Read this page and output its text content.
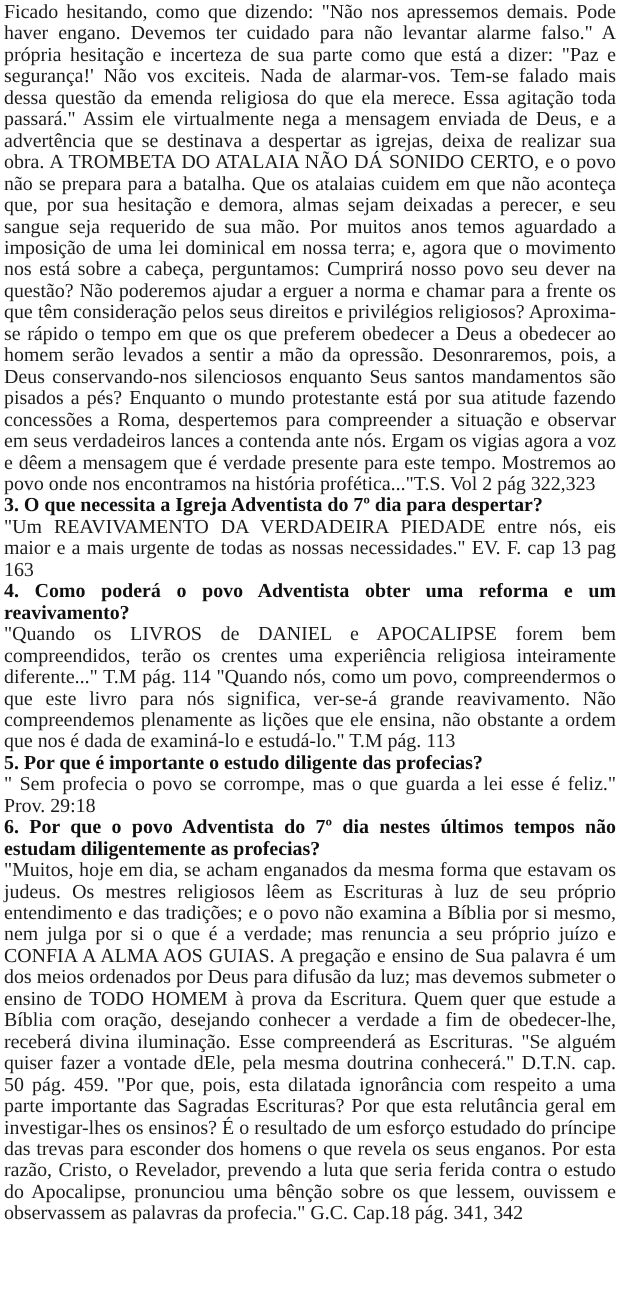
Ficado hesitando, como que dizendo: "Não nos apressemos demais. Pode haver engano. Devemos ter cuidado para não levantar alarme falso." A própria hesitação e incerteza de sua parte como que está a dizer: "Paz e segurança!' Não vos exciteis. Nada de alarmar-vos. Tem-se falado mais dessa questão da emenda religiosa do que ela merece. Essa agitação toda passará." Assim ele virtualmente nega a mensagem enviada de Deus, e a advertência que se destinava a despertar as igrejas, deixa de realizar sua obra. A TROMBETA DO ATALAIA NÃO DÁ SONIDO CERTO, e o povo não se prepara para a batalha. Que os atalaias cuidem em que não aconteça que, por sua hesitação e demora, almas sejam deixadas a perecer, e seu sangue seja requerido de sua mão. Por muitos anos temos aguardado a imposição de uma lei dominical em nossa terra; e, agora que o movimento nos está sobre a cabeça, perguntamos: Cumprirá nosso povo seu dever na questão? Não poderemos ajudar a erguer a norma e chamar para a frente os que têm consideração pelos seus direitos e privilégios religiosos? Aproxima-se rápido o tempo em que os que preferem obedecer a Deus a obedecer ao homem serão levados a sentir a mão da opressão. Desonraremos, pois, a Deus conservando-nos silenciosos enquanto Seus santos mandamentos são pisados a pés? Enquanto o mundo protestante está por sua atitude fazendo concessões a Roma, despertemos para compreender a situação e observar em seus verdadeiros lances a contenda ante nós. Ergam os vigias agora a voz e dêem a mensagem que é verdade presente para este tempo. Mostremos ao povo onde nos encontramos na história profética..."T.S. Vol 2 pág 322,323

3. O que necessita a Igreja Adventista do 7º dia para despertar?

"Um REAVIVAMENTO DA VERDADEIRA PIEDADE entre nós, eis maior e a mais urgente de todas as nossas necessidades." EV. F. cap 13 pag 163

4. Como poderá o povo Adventista obter uma reforma e um reavivamento?

"Quando os LIVROS de DANIEL e APOCALIPSE forem bem compreendidos, terão os crentes uma experiência religiosa inteiramente diferente..." T.M pág. 114 "Quando nós, como um povo, compreendermos o que este livro para nós significa, ver-se-á grande reavivamento. Não compreendemos plenamente as lições que ele ensina, não obstante a ordem que nos é dada de examiná-lo e estudá-lo." T.M pág. 113

5. Por que é importante o estudo diligente das profecias?

" Sem profecia o povo se corrompe, mas o que guarda a lei esse é feliz." Prov. 29:18

6. Por que o povo Adventista do 7º dia nestes últimos tempos não estudam diligentemente as profecias?

"Muitos, hoje em dia, se acham enganados da mesma forma que estavam os judeus. Os mestres religiosos lêem as Escrituras à luz de seu próprio entendimento e das tradições; e o povo não examina a Bíblia por si mesmo, nem julga por si o que é a verdade; mas renuncia a seu próprio juízo e CONFIA A ALMA AOS GUIAS. A pregação e ensino de Sua palavra é um dos meios ordenados por Deus para difusão da luz; mas devemos submeter o ensino de TODO HOMEM à prova da Escritura. Quem quer que estude a Bíblia com oração, desejando conhecer a verdade a fim de obedecer-lhe, receberá divina iluminação. Esse compreenderá as Escrituras. "Se alguém quiser fazer a vontade dEle, pela mesma doutrina conhecerá." D.T.N. cap. 50 pág. 459. "Por que, pois, esta dilatada ignorância com respeito a uma parte importante das Sagradas Escrituras? Por que esta relutância geral em investigar-lhes os ensinos? É o resultado de um esforço estudado do príncipe das trevas para esconder dos homens o que revela os seus enganos. Por esta razão, Cristo, o Revelador, prevendo a luta que seria ferida contra o estudo do Apocalipse, pronunciou uma bênção sobre os que lessem, ouvissem e observassem as palavras da profecia." G.C. Cap.18 pág. 341, 342
